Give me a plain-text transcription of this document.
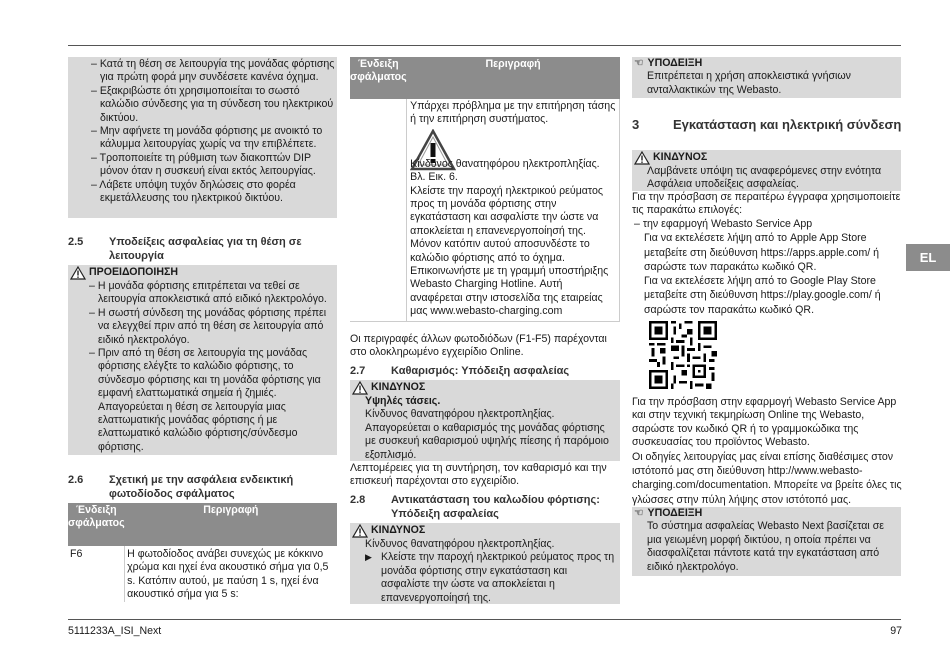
– Κατά τη θέση σε λειτουργία της μονάδας φόρτισης για πρώτη φορά μην συνδέσετε κανένα όχημα.
– Εξακριβώστε ότι χρησιμοποιείται το σωστό καλώδιο σύνδεσης για τη σύνδεση του ηλεκτρικού δικτύου.
– Μην αφήνετε τη μονάδα φόρτισης με ανοικτό το κάλυμμα λειτουργίας χωρίς να την επιβλέπετε.
– Τροποποιείτε τη ρύθμιση των διακοπτών DIP μόνον όταν η συσκευή είναι εκτός λειτουργίας.
– Λάβετε υπόψη τυχόν δηλώσεις στο φορέα εκμετάλλευσης του ηλεκτρικού δικτύου.
2.5	Υποδείξεις ασφαλείας για τη θέση σε λειτουργία
ΠΡΟΕΙΔΟΠΟΙΗΣΗ
– Η μονάδα φόρτισης επιτρέπεται να τεθεί σε λειτουργία αποκλειστικά από ειδικό ηλεκτρολόγο.
– Η σωστή σύνδεση της μονάδας φόρτισης πρέπει να ελεγχθεί πριν από τη θέση σε λειτουργία από ειδικό ηλεκτρολόγο.
– Πριν από τη θέση σε λειτουργία της μονάδας φόρτισης ελέγξτε το καλώδιο φόρτισης, το σύνδεσμο φόρτισης και τη μονάδα φόρτισης για εμφανή ελαττωματικά σημεία ή ζημιές. Απαγορεύεται η θέση σε λειτουργία μιας ελαττωματικής μονάδας φόρτισης ή με ελαττωματικό καλώδιο φόρτισης/σύνδεσμο φόρτισης.
2.6	Σχετική με την ασφάλεια ενδεικτική φωτοδίοδος σφάλματος
Ένδειξη σφάλματος	Περιγραφή
F6	Η φωτοδίοδος ανάβει συνεχώς με κόκκινο χρώμα και ηχεί ένα ακουστικό σήμα για 0,5 s. Κατόπιν αυτού, με παύση 1 s, ηχεί ένα ακουστικό σήμα για 5 s:
Ένδειξη σφάλματος	Περιγραφή

	Υπάρχει πρόβλημα με την επιτήρηση τάσης ή την επιτήρηση συστήματος.

Κίνδυνος θανατηφόρου ηλεκτροπληξίας.

Βλ. Εικ. 6.

Κλείστε την παροχή ηλεκτρικού ρεύματος προς τη μονάδα φόρτισης στην εγκατάσταση και ασφαλίστε την ώστε να αποκλείεται η επανενεργοποίησή της. Μόνον κατόπιν αυτού αποσυνδέστε το καλώδιο φόρτισης από το όχημα.

Επικοινωνήστε με τη γραμμή υποστήριξης Webasto Charging Hotline. Αυτή αναφέρεται στην ιστοσελίδα της εταιρείας μας www.webasto-charging.com

Οι περιγραφές άλλων φωτοδιόδων (F1-F5) παρέχονται στο ολοκληρωμένο εγχειρίδιο Online.

2.7	Καθαρισμός: Υπόδειξη ασφαλείας
ΚΙΝΔΥΝΟΣ

Υψηλές τάσεις.

Κίνδυνος θανατηφόρου ηλεκτροπληξίας. Απαγορεύεται ο καθαρισμός της μονάδας φόρτισης με συσκευή καθαρισμού υψηλής πίεσης ή παρόμοιο εξοπλισμό.

Λεπτομέρειες για τη συντήρηση, τον καθαρισμό και την επισκευή παρέχονται στο εγχειρίδιο.

2.8	Αντικατάσταση του καλωδίου φόρτισης: Υπόδειξη ασφαλείας
ΚΙΝΔΥΝΟΣ

Κίνδυνος θανατηφόρου ηλεκτροπληξίας.

▶ Κλείστε την παροχή ηλεκτρικού ρεύματος προς τη μονάδα φόρτισης στην εγκατάσταση και ασφαλίστε την ώστε να αποκλείεται η επανενεργοποίησή της.

☜ ΥΠΟΔΕΙΞΗ

Επιτρέπεται η χρήση αποκλειστικά γνήσιων ανταλλακτικών της Webasto.

3	Εγκατάσταση και ηλεκτρική σύνδεση
ΚΙΝΔΥΝΟΣ

Λαμβάνετε υπόψη τις αναφερόμενες στην ενότητα Ασφάλεια υποδείξεις ασφαλείας.

Για την πρόσβαση σε περαιτέρω έγγραφα χρησιμοποιείτε τις παρακάτω επιλογές:

– την εφαρμογή Webasto Service App

Για να εκτελέσετε λήψη από το Apple App Store μεταβείτε στη διεύθυνση https://apps.apple.com/ ή σαρώστε των παρακάτω κωδικό QR.

Για να εκτελέσετε λήψη από το Google Play Store μεταβείτε στη διεύθυνση https://play.google.com/ ή σαρώστε τον παρακάτω κωδικό QR.

Για την πρόσβαση στην εφαρμογή Webasto Service App και στην τεχνική τεκμηρίωση Online της Webasto, σαρώστε τον κωδικό QR ή το γραμμοκώδικα της συσκευασίας του προϊόντος Webasto.

Οι οδηγίες λειτουργίας μας είναι επίσης διαθέσιμες στον ιστότοπό μας στη διεύθυνση http://www.webasto-charging.com/documentation. Μπορείτε να βρείτε όλες τις γλώσσες στην πύλη λήψης στον ιστότοπό μας.

☜ ΥΠΟΔΕΙΞΗ

Το σύστημα ασφαλείας Webasto Next βασίζεται σε μια γειωμένη μορφή δικτύου, η οποία πρέπει να διασφαλίζεται πάντοτε κατά την εγκατάσταση από ειδικό ηλεκτρολόγο.

EL
5111233A_ISI_Next	97
